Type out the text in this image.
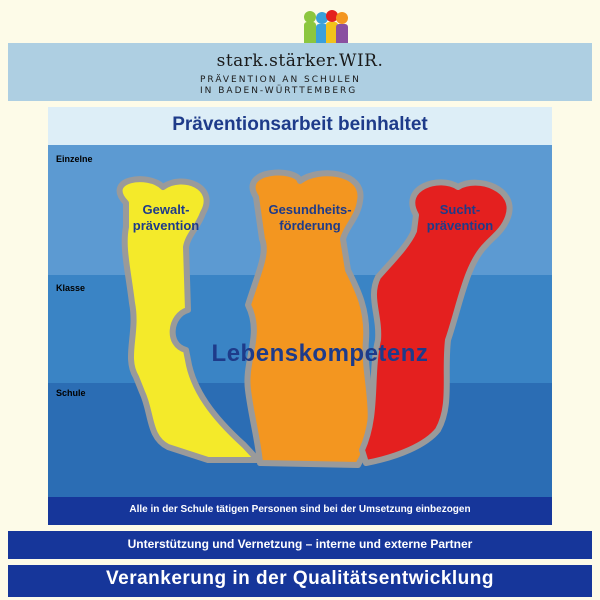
stark.stärker.WIR.
PRÄVENTION AN SCHULEN
IN BADEN-WÜRTTEMBERG
Präventionsarbeit beinhaltet
Einzelne
Klasse
Schule
Gewalt-
prävention
Gesundheits-
förderung
Sucht-
prävention
Lebenskompetenz
Alle in der Schule tätigen Personen sind bei der Umsetzung einbezogen
Unterstützung und Vernetzung – interne und externe Partner
Verankerung in der Qualitätsentwicklung
